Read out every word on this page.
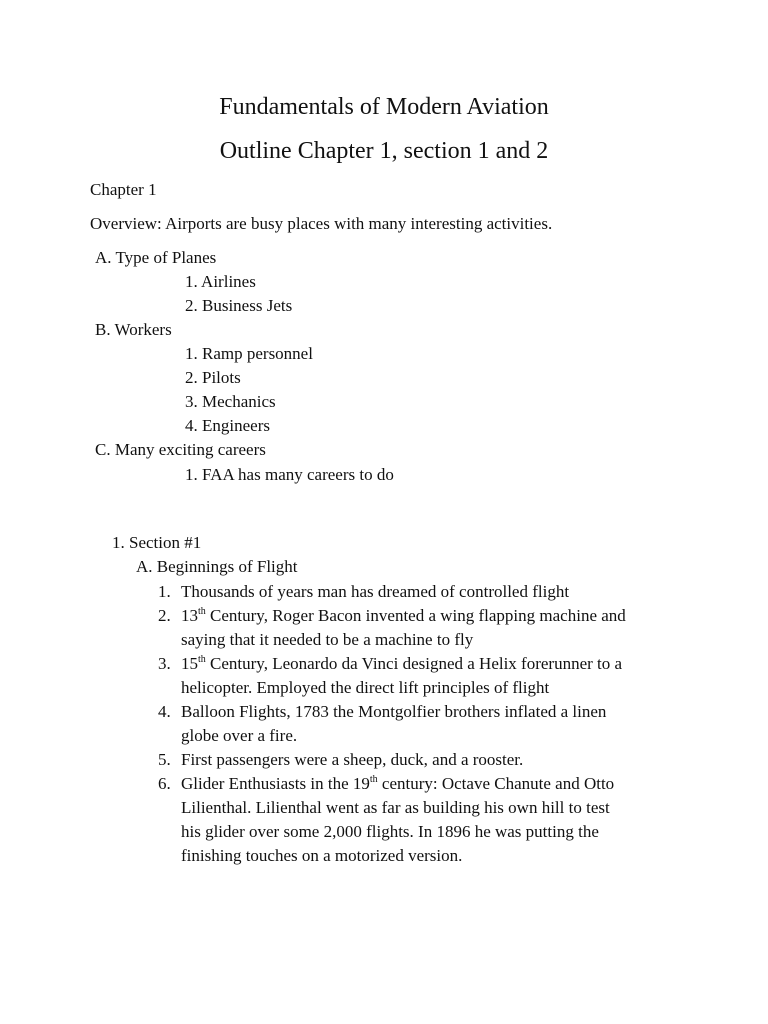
Fundamentals of Modern Aviation
Outline Chapter 1, section 1 and 2
Chapter 1
Overview: Airports are busy places with many interesting activities.
A. Type of Planes
1. Airlines
2. Business Jets
B. Workers
1. Ramp personnel
2. Pilots
3. Mechanics
4. Engineers
C. Many exciting careers
1. FAA has many careers to do
1. Section #1
A. Beginnings of Flight
1. Thousands of years man has dreamed of controlled flight
2. 13th Century, Roger Bacon invented a wing flapping machine and
saying that it needed to be a machine to fly
3. 15th Century, Leonardo da Vinci designed a Helix forerunner to a
helicopter. Employed the direct lift principles of flight
4. Balloon Flights, 1783 the Montgolfier brothers inflated a linen
globe over a fire.
5. First passengers were a sheep, duck, and a rooster.
6. Glider Enthusiasts in the 19th century: Octave Chanute and Otto
Lilienthal. Lilienthal went as far as building his own hill to test
his glider over some 2,000 flights. In 1896 he was putting the
finishing touches on a motorized version.
